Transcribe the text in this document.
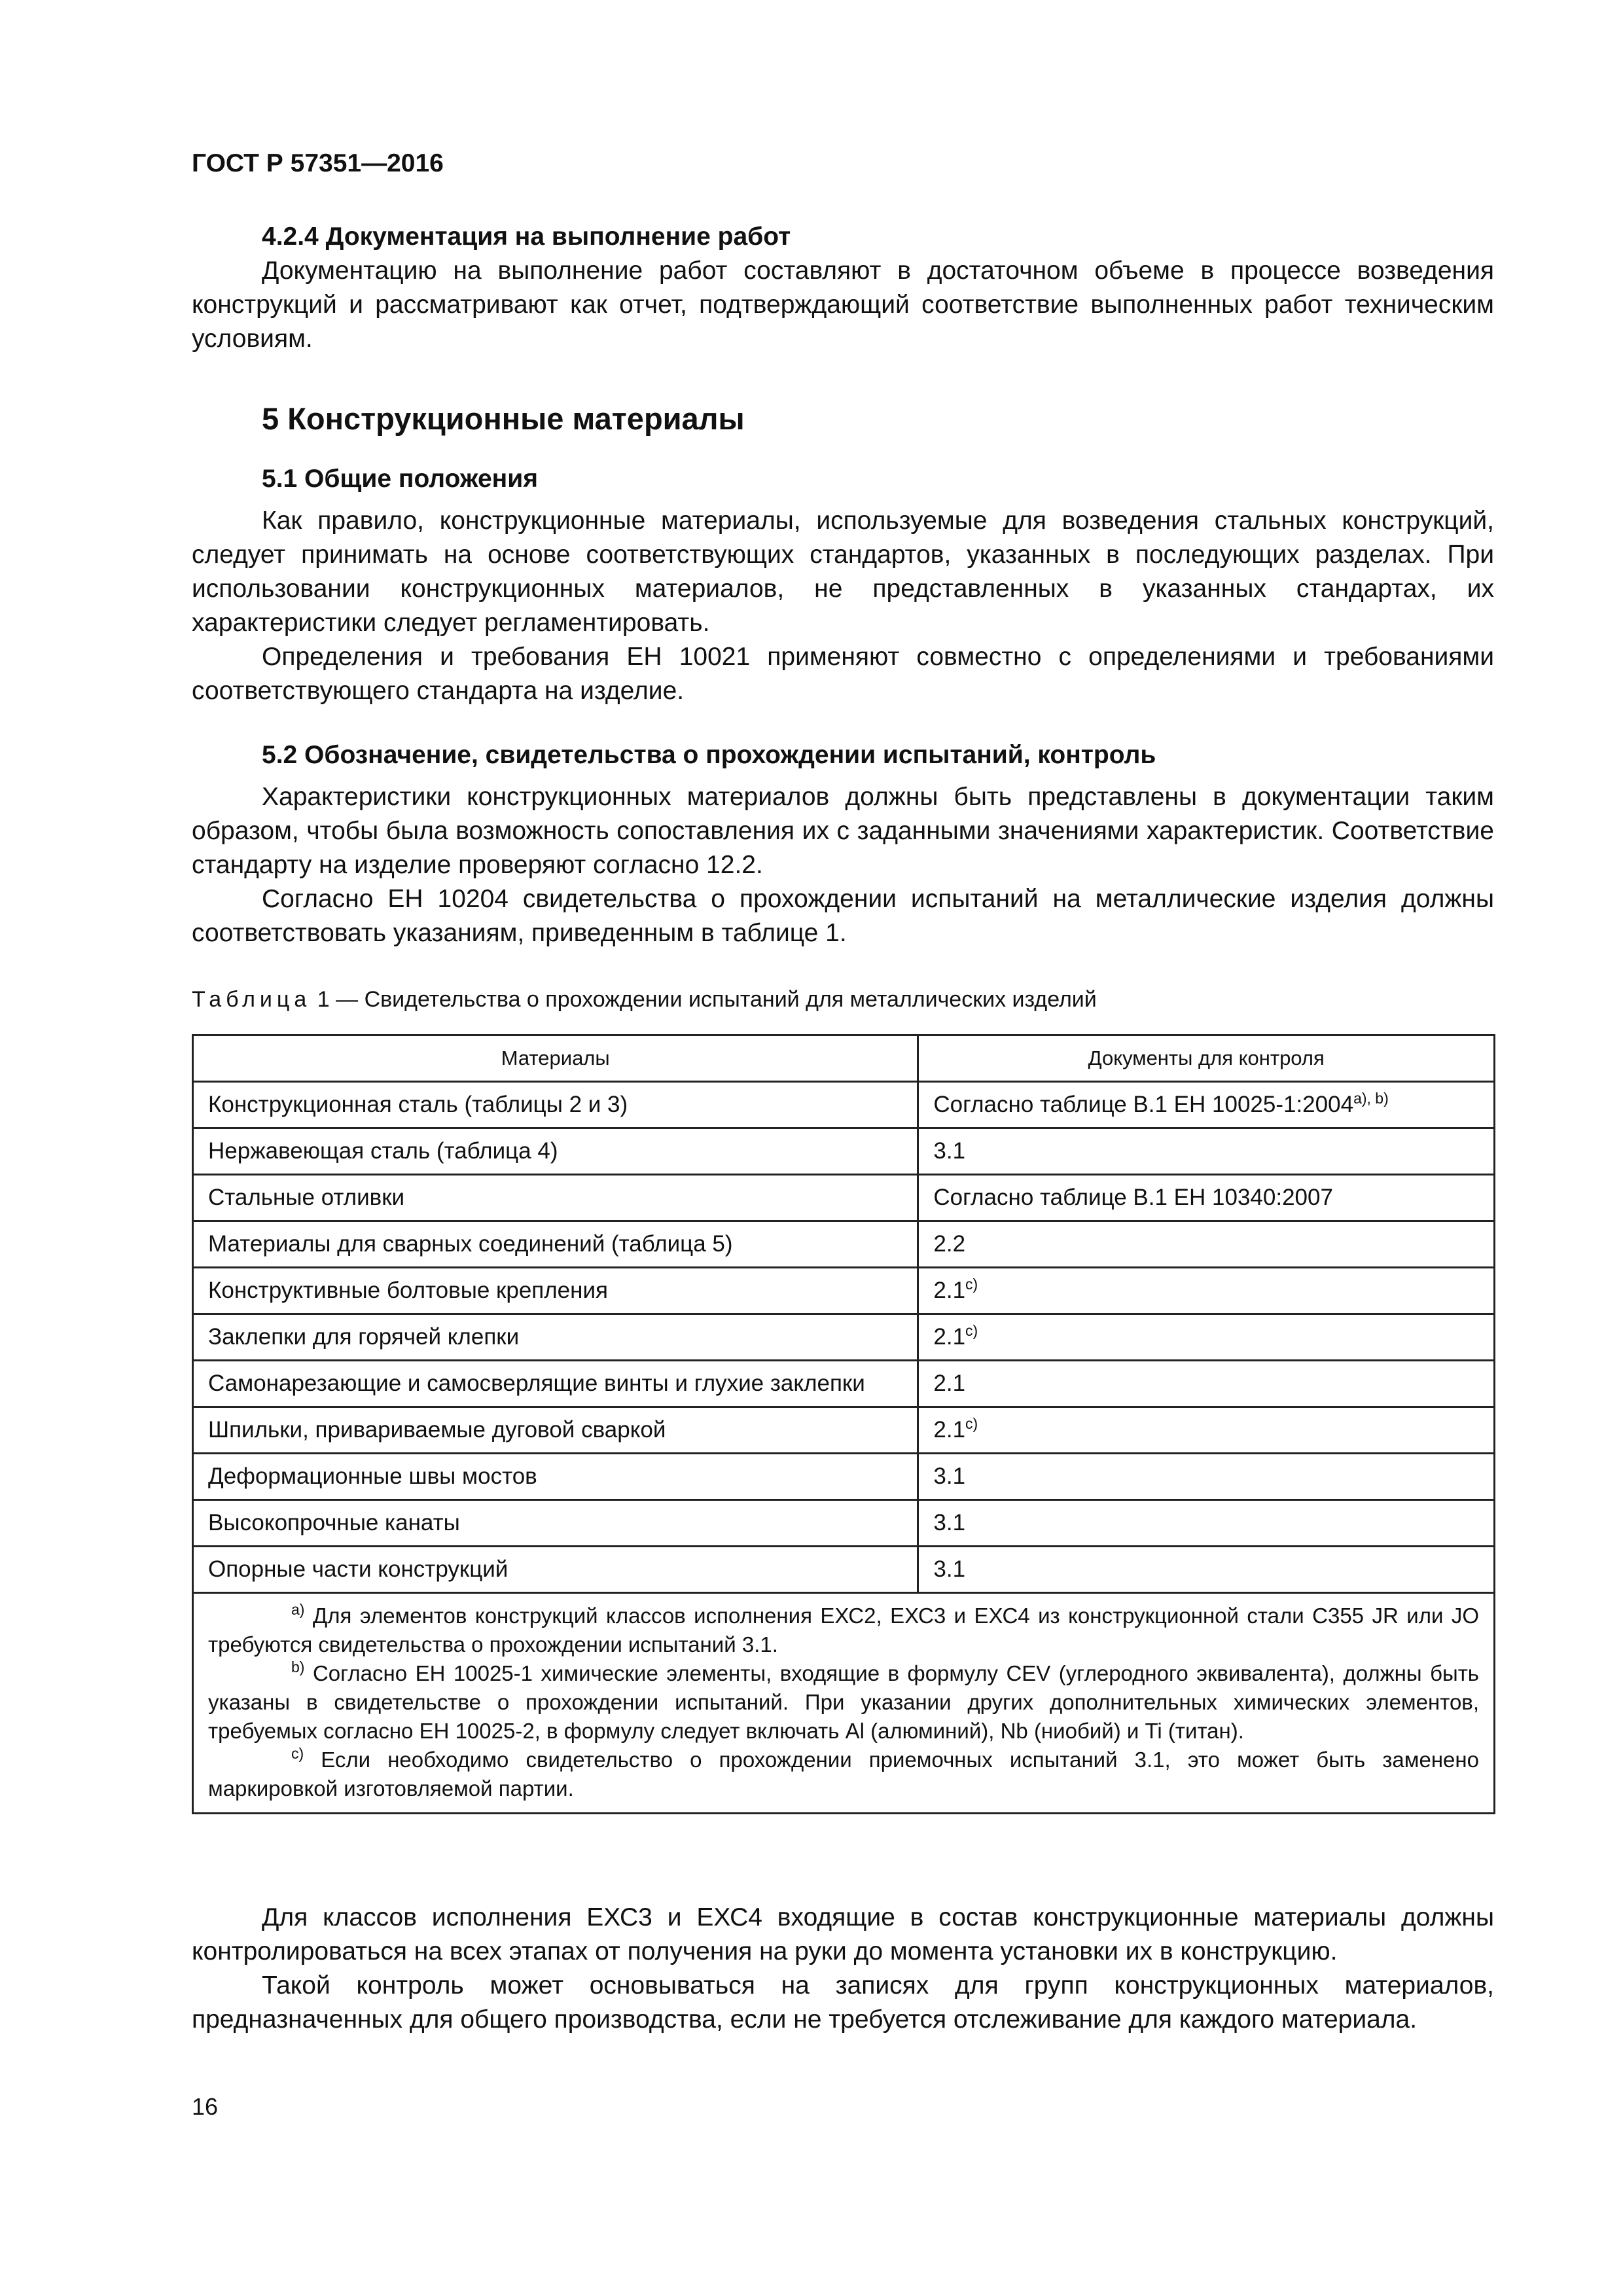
ГОСТ Р 57351—2016
4.2.4 Документация на выполнение работ

Документацию на выполнение работ составляют в достаточном объеме в процессе возведения конструкций и рассматривают как отчет, подтверждающий соответствие выполненных работ техническим условиям.

5 Конструкционные материалы
5.1 Общие положения

Как правило, конструкционные материалы, используемые для возведения стальных конструкций, следует принимать на основе соответствующих стандартов, указанных в последующих разделах. При использовании конструкционных материалов, не представленных в указанных стандартах, их характеристики следует регламентировать.

Определения и требования ЕН 10021 применяют совместно с определениями и требованиями соответствующего стандарта на изделие.

5.2 Обозначение, свидетельства о прохождении испытаний, контроль

Характеристики конструкционных материалов должны быть представлены в документации таким образом, чтобы была возможность сопоставления их с заданными значениями характеристик. Соответствие стандарту на изделие проверяют согласно 12.2.

Согласно ЕН 10204 свидетельства о прохождении испытаний на металлические изделия должны соответствовать указаниям, приведенным в таблице 1.

Таблица 1 — Свидетельства о прохождении испытаний для металлических изделий
Материалы	Документы для контроля
Конструкционная сталь (таблицы 2 и 3)	Согласно таблице В.1 ЕН 10025-1:2004$^{a), b)}$
Нержавеющая сталь (таблица 4)	3.1
Стальные отливки	Согласно таблице В.1 ЕН 10340:2007
Материалы для сварных соединений (таблица 5)	2.2
Конструктивные болтовые крепления	2.1$^{c)}$
Заклепки для горячей клепки	2.1$^{c)}$
Самонарезающие и самосверлящие винты и глухие заклепки	2.1
Шпильки, привариваемые дуговой сваркой	2.1$^{c)}$
Деформационные швы мостов	3.1
Высокопрочные канаты	3.1
Опорные части конструкций	3.1

$^{a)}$ Для элементов конструкций классов исполнения ЕХС2, ЕХС3 и ЕХС4 из конструкционной стали С355 JR или JO требуются свидетельства о прохождении испытаний 3.1.

$^{b)}$ Согласно ЕН 10025-1 химические элементы, входящие в формулу CEV (углеродного эквивалента), должны быть указаны в свидетельстве о прохождении испытаний. При указании других дополнительных химических элементов, требуемых согласно ЕН 10025-2, в формулу следует включать Al (алюминий), Nb (ниобий) и Ti (титан).

$^{c)}$ Если необходимо свидетельство о прохождении приемочных испытаний 3.1, это может быть заменено маркировкой изготовляемой партии.	

Для классов исполнения ЕХС3 и ЕХС4 входящие в состав конструкционные материалы должны контролироваться на всех этапах от получения на руки до момента установки их в конструкцию.

Такой контроль может основываться на записях для групп конструкционных материалов, предназначенных для общего производства, если не требуется отслеживание для каждого материала.

16
